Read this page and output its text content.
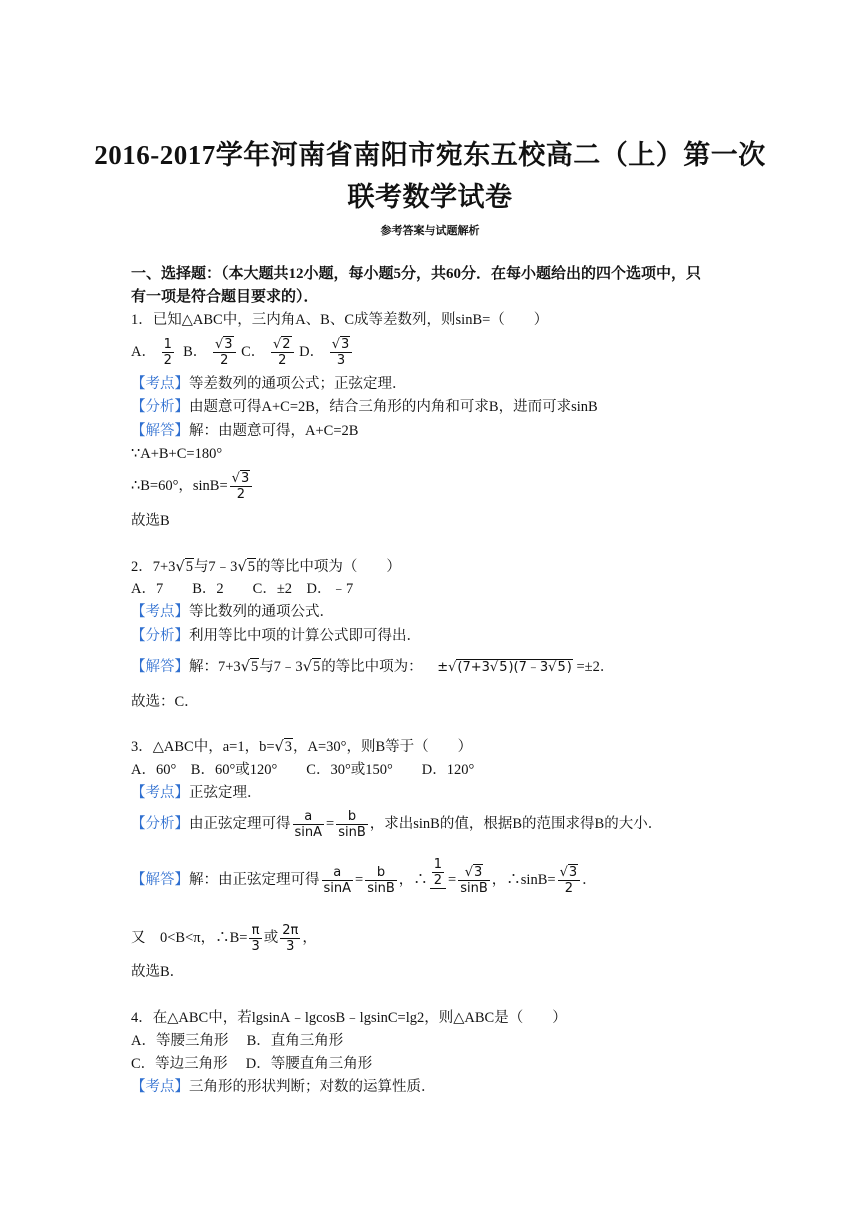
2016-2017学年河南省南阳市宛东五校高二（上）第一次
联考数学试卷
参考答案与试题解析
一、选择题：（本大题共12小题，每小题5分，共60分．在每小题给出的四个选项中，只
有一项是符合题目要求的）．
1．已知△ABC中，三内角A、B、C成等差数列，则sinB=（　　）
A． $\frac{1}{2}$ B． $\frac{√3}{2}$ C． $\frac{√2}{2}$ D． $\frac{√3}{3}$
【考点】等差数列的通项公式；正弦定理．
【分析】由题意可得A+C=2B，结合三角形的内角和可求B，进而可求sinB
【解答】解：由题意可得，A+C=2B
∵A+B+C=180°
∴B=60°，$\sin B= \frac{√3}{2}$
故选B
2．7+3√5与7﹣3√5的等比中项为（　　）
A．7　　B．2　　C．±2　D．﹣7
【考点】等比数列的通项公式．
【分析】利用等比中项的计算公式即可得出．
【解答】解：7+3√5与7﹣3√5的等比中项为： ±√(7+3√5)(7﹣3√5) =±2．
故选：C．
3．△ABC中，a=1，b=√3，A=30°，则B等于（　　）
A．60°　B．60°或120°　　C．30°或150°　　D．120°
【考点】正弦定理．
【分析】由正弦定理可得 $\frac{a}{\sin A} = \frac{b}{\sin B}$ ，求出sinB的值，根据B的范围求得B的大小．
【解答】解：由正弦定理可得 $\frac{a}{\sin A} = \frac{b}{\sin B}$ ，∴ $\frac{1}{2}$
= $\frac{√3}{\sin B}$ ，∴sinB= $\frac{√3}{2}$ ．
又　0<B<π，∴B= $\frac{\pi}{3}$ 或 $\frac{2\pi}{3}$ ，
故选B．
4．在△ABC中，若lgsinA﹣lgcosB﹣lgsinC=lg2，则△ABC是（　　）
A．等腰三角形　 B．直角三角形
C．等边三角形　 D．等腰直角三角形
【考点】三角形的形状判断；对数的运算性质．
